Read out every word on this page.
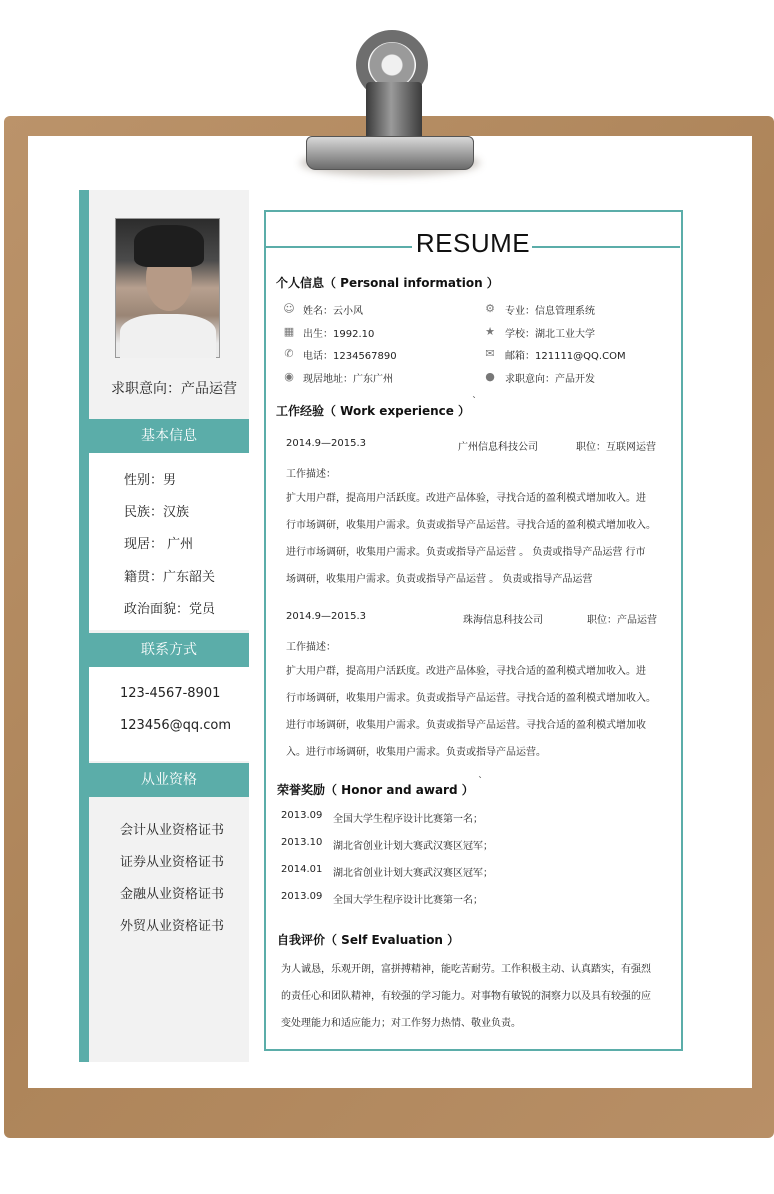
求职意向：产品运营
基本信息
性别：男
民族：汉族
现居： 广州
籍贯：广东韶关
政治面貌：党员
联系方式
123-4567-8901
123456@qq.com
从业资格
会计从业资格证书
证券从业资格证书
金融从业资格证书
外贸从业资格证书
RESUME
个人信息（ Personal information ）
☺ 姓名：云小风	⚙ 专业：信息管理系统
▦ 出生：1992.10	★ 学校：湖北工业大学
✆ 电话：1234567890	✉ 邮箱：121111@QQ.COM
◉ 现居地址：广东广州	● 求职意向：产品开发
工作经验（ Work experience ）
`
2014.9—2015.3	广州信息科技公司	职位：互联网运营
工作描述：
扩大用户群，提高用户活跃度。改进产品体验，寻找合适的盈利模式增加收入。进
行市场调研，收集用户需求。负责或指导产品运营。寻找合适的盈利模式增加收入。
进行市场调研，收集用户需求。负责或指导产品运营 。 负责或指导产品运营 行市
场调研，收集用户需求。负责或指导产品运营 。 负责或指导产品运营
2014.9—2015.3	珠海信息科技公司	职位：产品运营
工作描述：
扩大用户群，提高用户活跃度。改进产品体验，寻找合适的盈利模式增加收入。进
行市场调研，收集用户需求。负责或指导产品运营。寻找合适的盈利模式增加收入。
进行市场调研，收集用户需求。负责或指导产品运营。寻找合适的盈利模式增加收
入。进行市场调研，收集用户需求。负责或指导产品运营。
荣誉奖励（ Honor and award ）
`
2013.09 全国大学生程序设计比赛第一名；
2013.10 湖北省创业计划大赛武汉赛区冠军；
2014.01 湖北省创业计划大赛武汉赛区冠军；
2013.09 全国大学生程序设计比赛第一名；
自我评价（ Self Evaluation ）
为人诚恳，乐观开朗，富拼搏精神，能吃苦耐劳。工作积极主动、认真踏实，有强烈
的责任心和团队精神，有较强的学习能力。对事物有敏锐的洞察力以及具有较强的应
变处理能力和适应能力；对工作努力热情、敬业负责。
